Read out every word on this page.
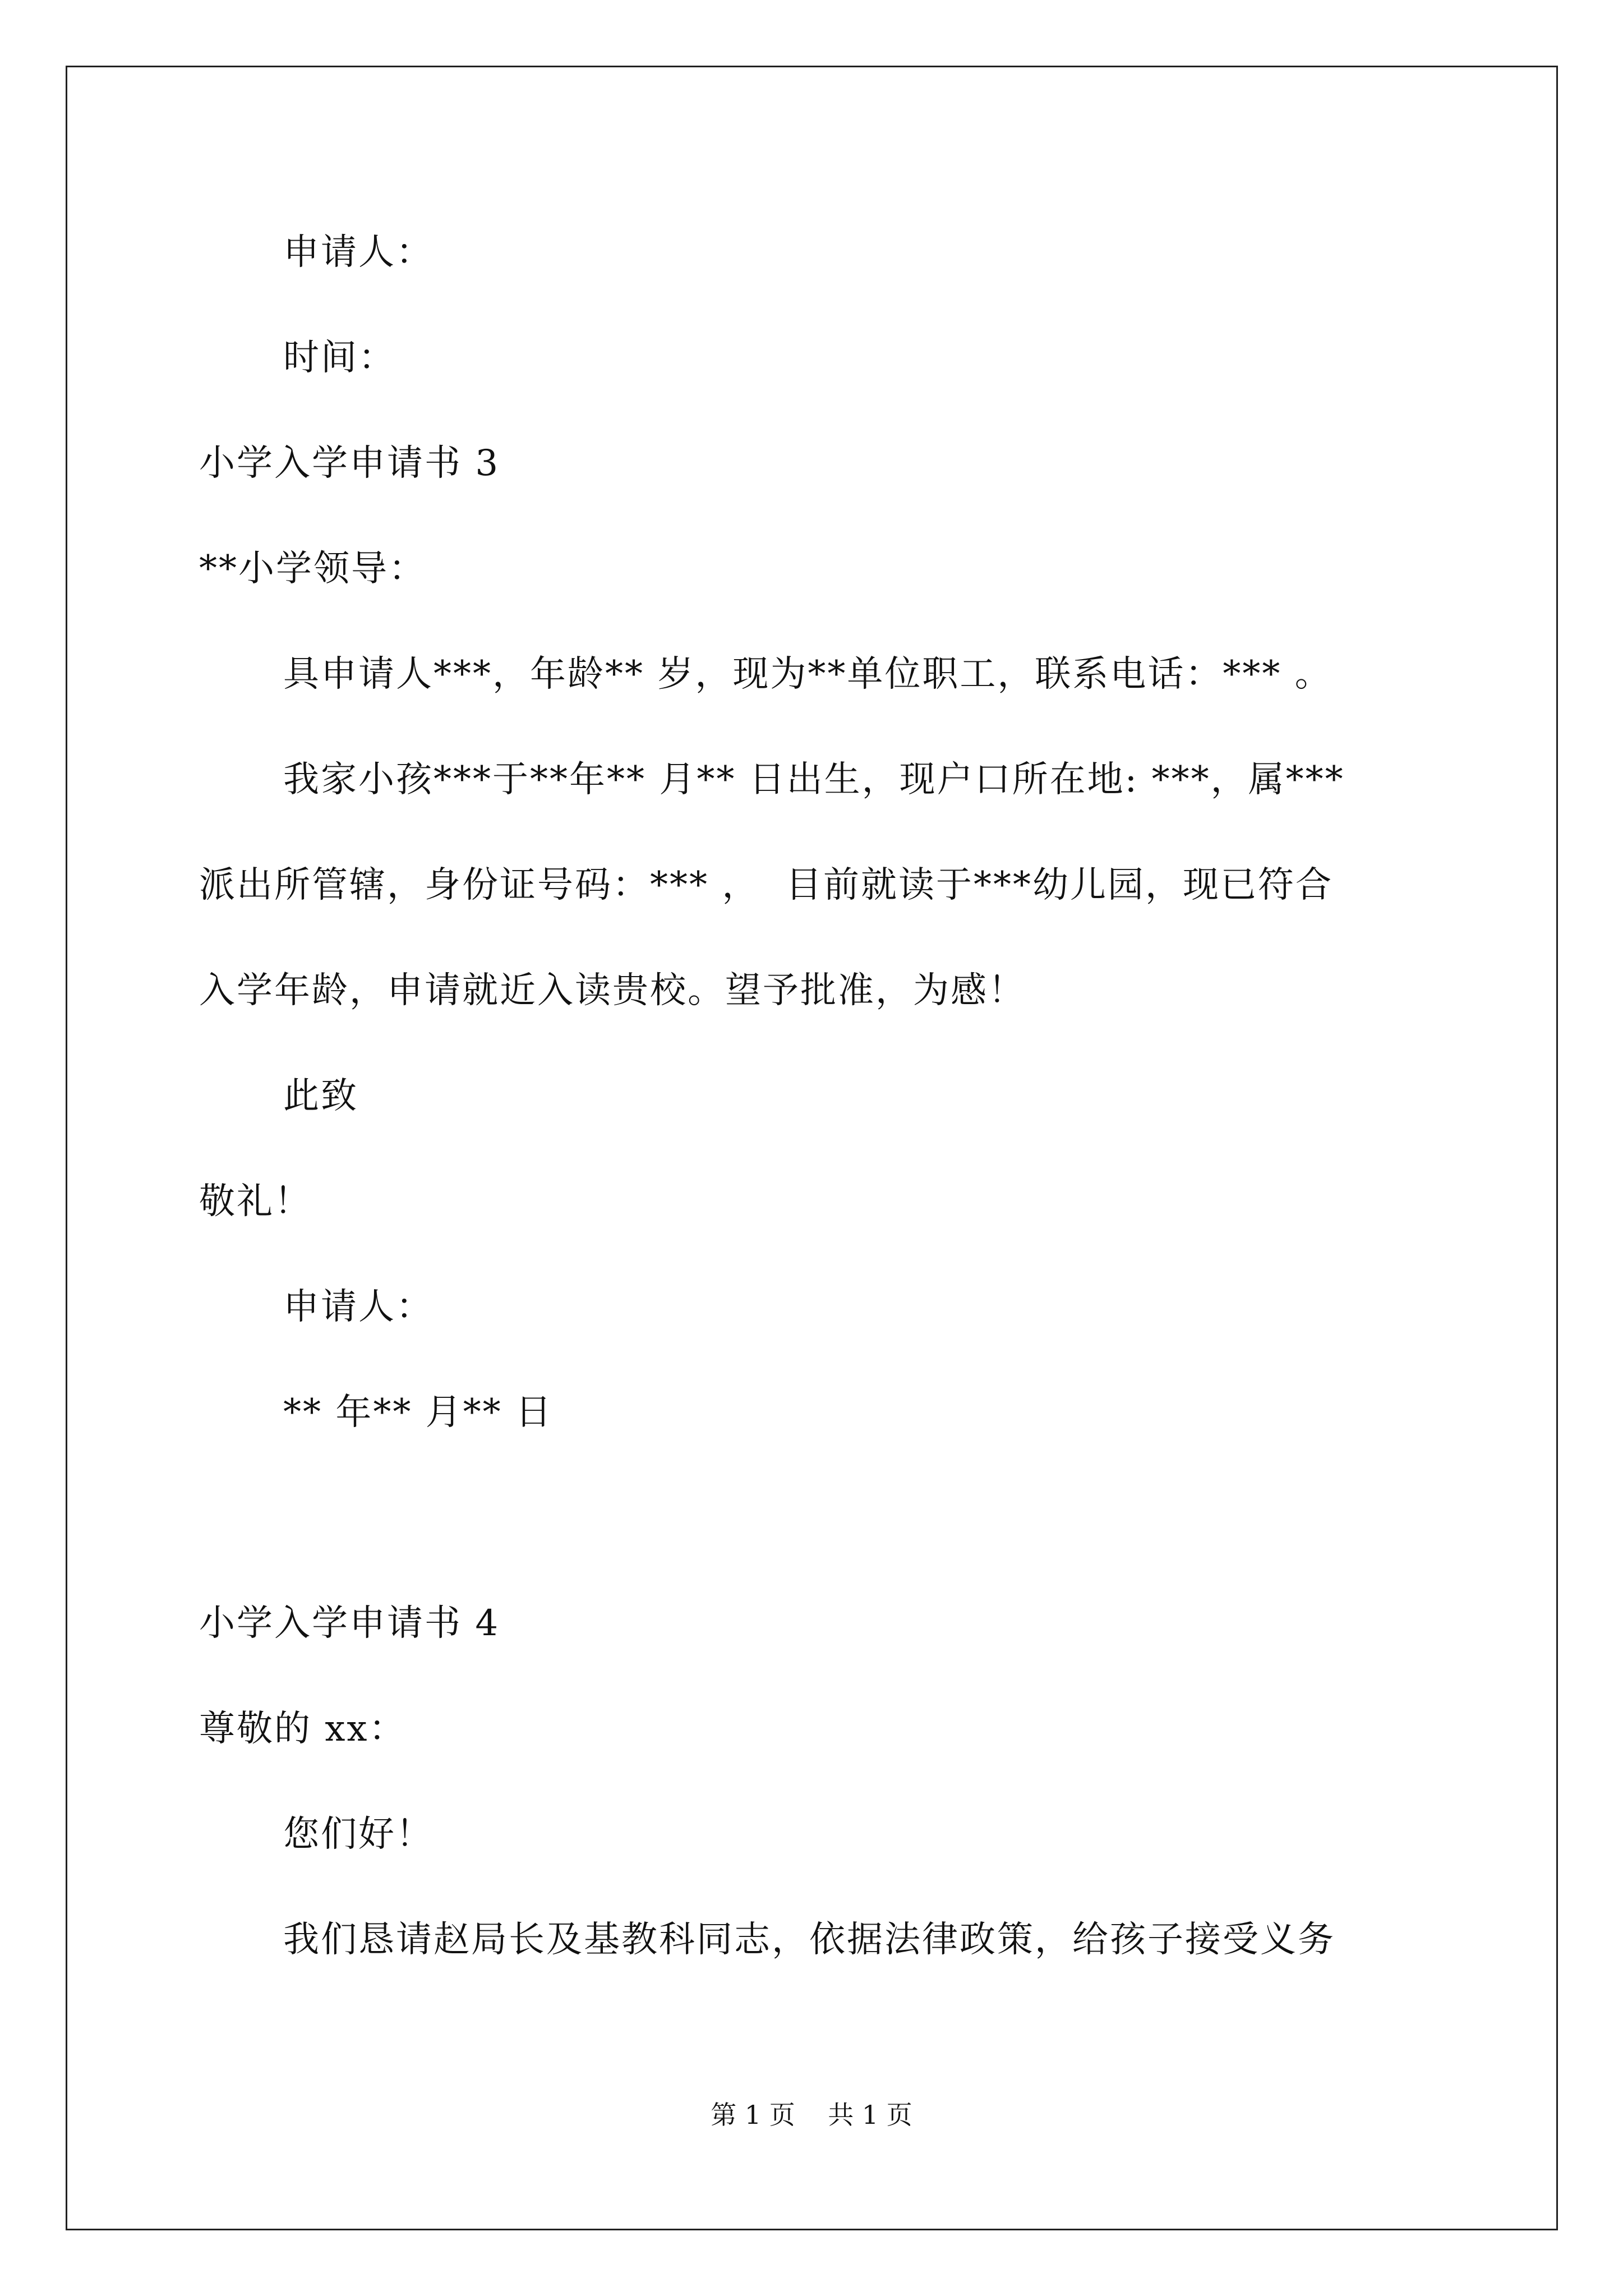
申请人：
时间：
小学入学申请书 3
**小学领导：
具申请人***，年龄** 岁，现为**单位职工，联系电话：*** 。
我家小孩***于**年** 月** 日出生，现户口所在地: ***，属***
派出所管辖，身份证号码：*** ，  目前就读于***幼儿园，现已符合
入学年龄，申请就近入读贵校。望予批准，为感！
此致
敬礼！
申请人：
** 年** 月** 日
小学入学申请书 4
尊敬的 xx：
您们好！
我们恳请赵局长及基教科同志，依据法律政策，给孩子接受义务
第 1 页    共 1 页
